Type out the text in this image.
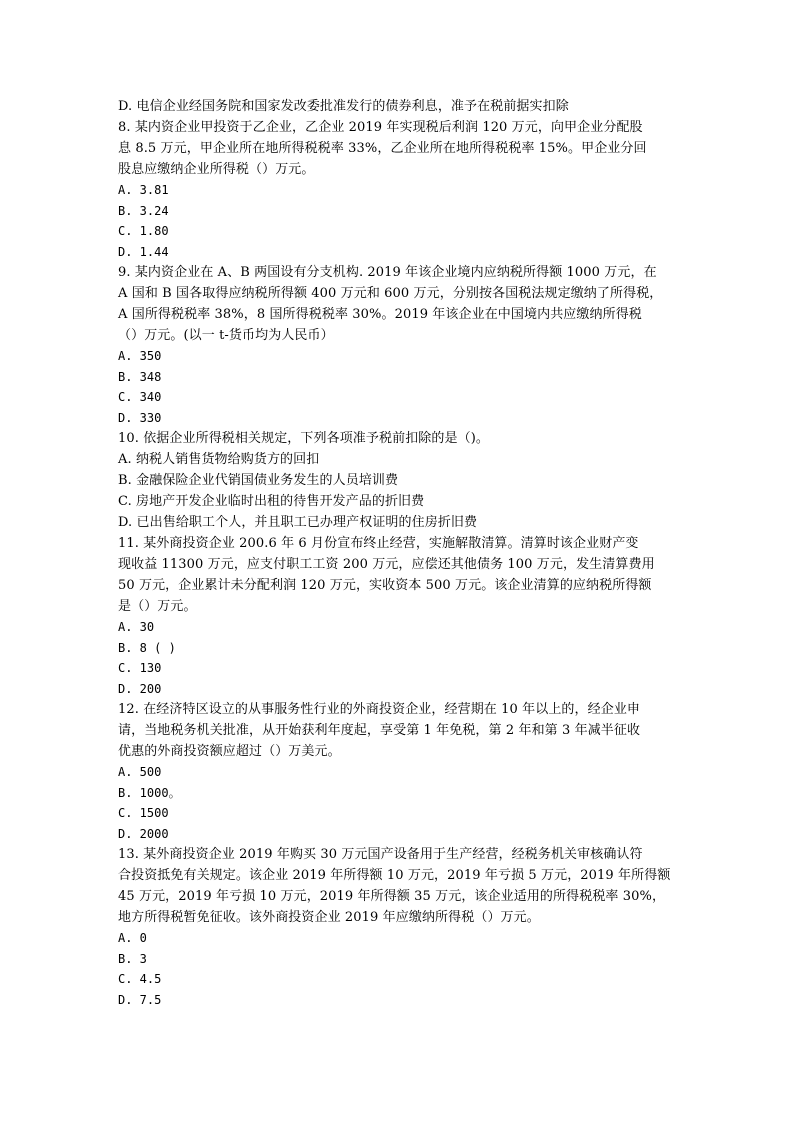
D. 电信企业经国务院和国家发改委批准发行的债券利息，准予在税前据实扣除

8. 某内资企业甲投资于乙企业，乙企业 2019 年实现税后利润 120 万元，向甲企业分配股

息 8.5 万元，甲企业所在地所得税税率 33%，乙企业所在地所得税税率 15%。甲企业分回

股息应缴纳企业所得税（）万元。

A. 3.81

B. 3.24

C. 1.80

D. 1.44

9. 某内资企业在 A、B 两国设有分支机构. 2019 年该企业境内应纳税所得额 1000 万元，在

A 国和 B 国各取得应纳税所得额 400 万元和 600 万元，分别按各国税法规定缴纳了所得税，

A 国所得税税率 38%，8 国所得税税率 30%。2019 年该企业在中国境内共应缴纳所得税

（）万元。(以一 t-货币均为人民币）

A. 350

B. 348

C. 340

D. 330

10. 依据企业所得税相关规定，下列各项准予税前扣除的是（)。

A. 纳税人销售货物给购货方的回扣

B. 金融保险企业代销国债业务发生的人员培训费

C. 房地产开发企业临时出租的待售开发产品的折旧费

D. 已出售给职工个人，并且职工已办理产权证明的住房折旧费

11. 某外商投资企业 200.6 年 6 月份宣布终止经营，实施解散清算。清算时该企业财产变

现收益 11300 万元，应支付职工工资 200 万元，应偿还其他债务 100 万元，发生清算费用

50 万元，企业累计未分配利润 120 万元，实收资本 500 万元。该企业清算的应纳税所得额

是（）万元。

A. 30

B. 8 ( )

C. 130

D. 200

12. 在经济特区设立的从事服务性行业的外商投资企业，经营期在 10 年以上的，经企业申

请，当地税务机关批准，从开始获利年度起，享受第 1 年免税，第 2 年和第 3 年减半征收

优惠的外商投资额应超过（）万美元。

A. 500

B. 1000。

C. 1500

D. 2000

13. 某外商投资企业 2019 年购买 30 万元国产设备用于生产经营，经税务机关审核确认符

合投资抵免有关规定。该企业 2019 年所得额 10 万元，2019 年亏损 5 万元，2019 年所得额

45 万元，2019 年亏损 10 万元，2019 年所得额 35 万元，该企业适用的所得税税率 30%，

地方所得税暂免征收。该外商投资企业 2019 年应缴纳所得税（）万元。

A. 0

B. 3

C. 4.5

D. 7.5
